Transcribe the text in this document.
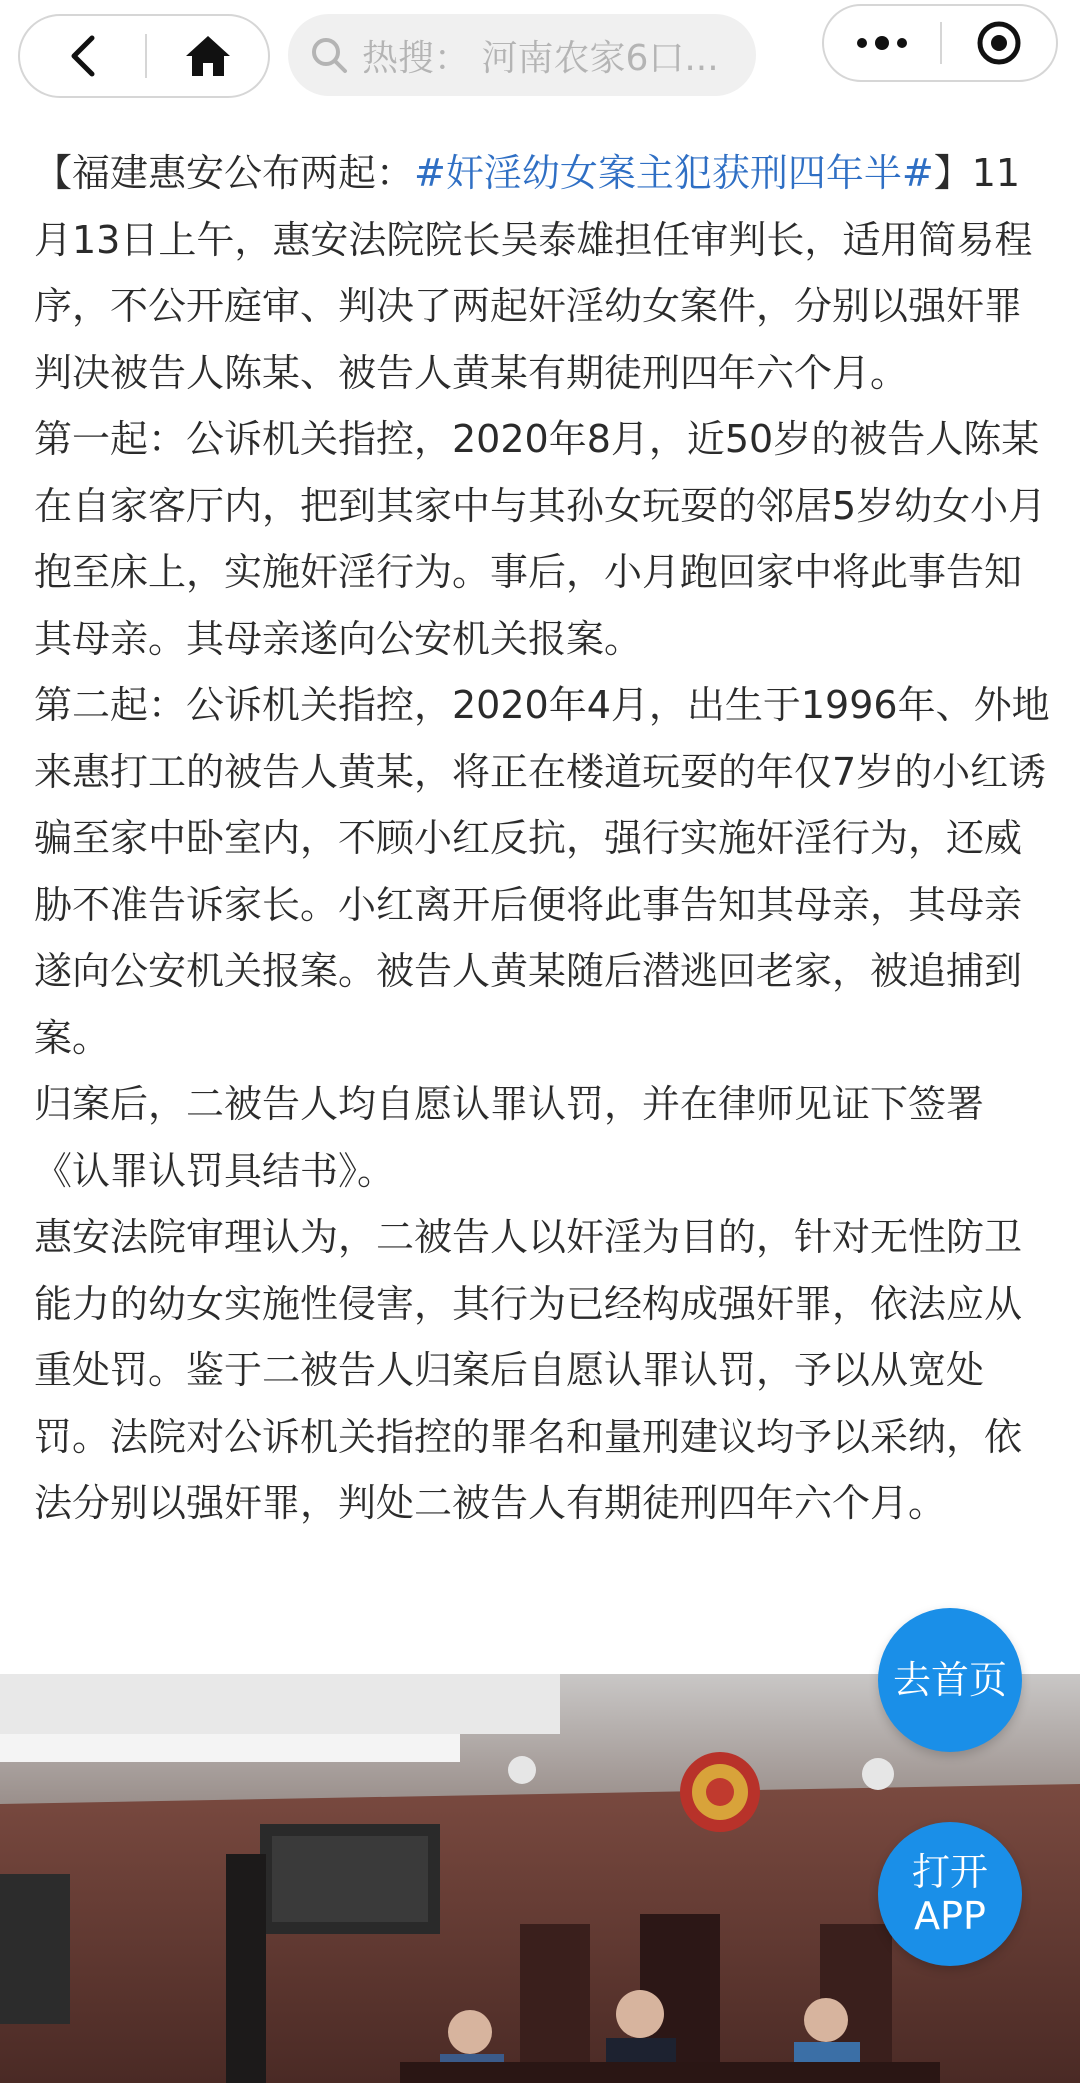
热搜： 河南农家6口...

【福建惠安公布两起：#奸淫幼女案主犯获刑四年半#】11月13日上午，惠安法院院长吴泰雄担任审判长，适用简易程序，不公开庭审、判决了两起奸淫幼女案件，分别以强奸罪判决被告人陈某、被告人黄某有期徒刑四年六个月。

第一起：公诉机关指控，2020年8月，近50岁的被告人陈某在自家客厅内，把到其家中与其孙女玩耍的邻居5岁幼女小月抱至床上，实施奸淫行为。事后，小月跑回家中将此事告知其母亲。其母亲遂向公安机关报案。

第二起：公诉机关指控，2020年4月，出生于1996年、外地来惠打工的被告人黄某，将正在楼道玩耍的年仅7岁的小红诱骗至家中卧室内，不顾小红反抗，强行实施奸淫行为，还威胁不准告诉家长。小红离开后便将此事告知其母亲，其母亲遂向公安机关报案。被告人黄某随后潜逃回老家，被追捕到案。

归案后，二被告人均自愿认罪认罚，并在律师见证下签署《认罪认罚具结书》。

惠安法院审理认为，二被告人以奸淫为目的，针对无性防卫能力的幼女实施性侵害，其行为已经构成强奸罪，依法应从重处罚。鉴于二被告人归案后自愿认罪认罚，予以从宽处罚。法院对公诉机关指控的罪名和量刑建议均予以采纳，依法分别以强奸罪，判处二被告人有期徒刑四年六个月。

去首页
打开
APP
